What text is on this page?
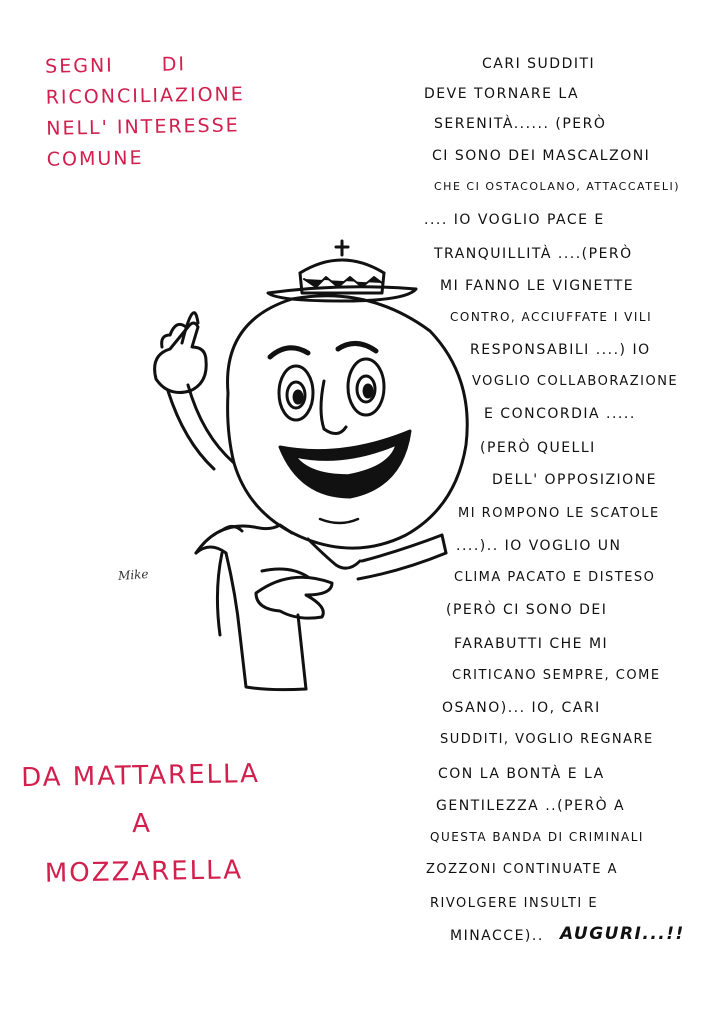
SEGNI DI
RICONCILIAZIONE
NELL' INTERESSE
COMUNE
CARI SUDDITI
DEVE TORNARE LA
SERENITÀ...... (PERÒ
CI SONO DEI MASCALZONI
CHE CI OSTACOLANO, ATTACCATELI)
.... IO VOGLIO PACE E
TRANQUILLITÀ ....(PERÒ
MI FANNO LE VIGNETTE
CONTRO, ACCIUFFATE I VILI
RESPONSABILI ....) IO
VOGLIO COLLABORAZIONE
E CONCORDIA .....
(PERÒ QUELLI
DELL' OPPOSIZIONE
MI ROMPONO LE SCATOLE
....).. IO VOGLIO UN
CLIMA PACATO E DISTESO
(PERÒ CI SONO DEI
FARABUTTI CHE MI
CRITICANO SEMPRE, COME
OSANO)... IO, CARI
SUDDITI, VOGLIO REGNARE
CON LA BONTÀ E LA
GENTILEZZA ..(PERÒ A
QUESTA BANDA DI CRIMINALI
ZOZZONI CONTINUATE A
RIVOLGERE INSULTI E
MINACCE).. AUGURI...!!
Mike
DA MATTARELLA
A
MOZZARELLA
